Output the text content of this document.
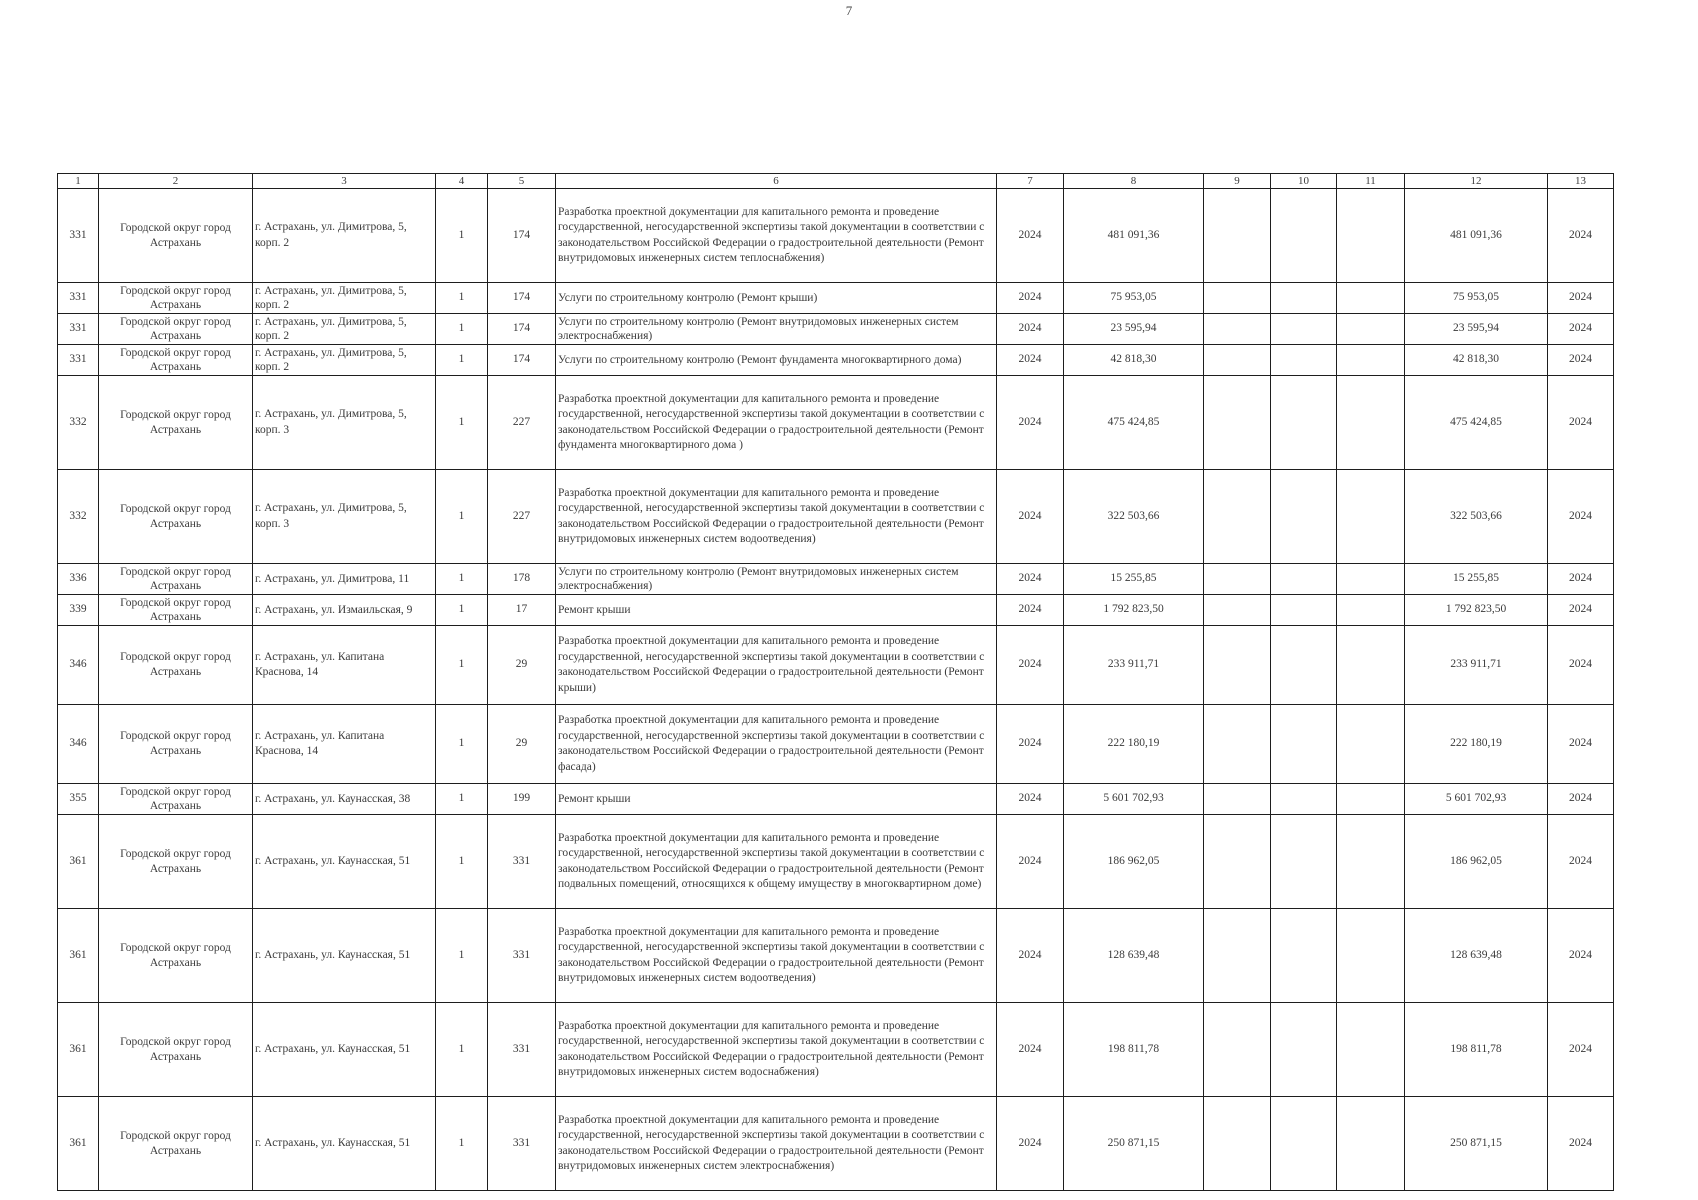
7
1	2	3	4	5	6	7	8	9	10	11	12	13
331	Городской округ город Астрахань	г. Астрахань, ул. Димитрова, 5, корп. 2	1	174	Разработка проектной документации для капитального ремонта и проведение государственной, негосударственной экспертизы такой документации в соответствии с законодательством Российской Федерации о градостроительной деятельности (Ремонт внутридомовых инженерных систем теплоснабжения)	2024	481 091,36				481 091,36	2024
331	Городской округ город Астрахань	г. Астрахань, ул. Димитрова, 5, корп. 2	1	174	Услуги по строительному контролю (Ремонт крыши)	2024	75 953,05				75 953,05	2024
331	Городской округ город Астрахань	г. Астрахань, ул. Димитрова, 5, корп. 2	1	174	Услуги по строительному контролю (Ремонт внутридомовых инженерных систем электроснабжения)	2024	23 595,94				23 595,94	2024
331	Городской округ город Астрахань	г. Астрахань, ул. Димитрова, 5, корп. 2	1	174	Услуги по строительному контролю (Ремонт фундамента многоквартирного дома)	2024	42 818,30				42 818,30	2024
332	Городской округ город Астрахань	г. Астрахань, ул. Димитрова, 5, корп. 3	1	227	Разработка проектной документации для капитального ремонта и проведение государственной, негосударственной экспертизы такой документации в соответствии с законодательством Российской Федерации о градостроительной деятельности (Ремонт фундамента многоквартирного дома )	2024	475 424,85				475 424,85	2024
332	Городской округ город Астрахань	г. Астрахань, ул. Димитрова, 5, корп. 3	1	227	Разработка проектной документации для капитального ремонта и проведение государственной, негосударственной экспертизы такой документации в соответствии с законодательством Российской Федерации о градостроительной деятельности (Ремонт внутридомовых инженерных систем водоотведения)	2024	322 503,66				322 503,66	2024
336	Городской округ город Астрахань	г. Астрахань, ул. Димитрова, 11	1	178	Услуги по строительному контролю (Ремонт внутридомовых инженерных систем электроснабжения)	2024	15 255,85				15 255,85	2024
339	Городской округ город Астрахань	г. Астрахань, ул. Измаильская, 9	1	17	Ремонт крыши	2024	1 792 823,50				1 792 823,50	2024
346	Городской округ город Астрахань	г. Астрахань, ул. Капитана Краснова, 14	1	29	Разработка проектной документации для капитального ремонта и проведение государственной, негосударственной экспертизы такой документации в соответствии с законодательством Российской Федерации о градостроительной деятельности (Ремонт крыши)	2024	233 911,71				233 911,71	2024
346	Городской округ город Астрахань	г. Астрахань, ул. Капитана Краснова, 14	1	29	Разработка проектной документации для капитального ремонта и проведение государственной, негосударственной экспертизы такой документации в соответствии с законодательством Российской Федерации о градостроительной деятельности (Ремонт фасада)	2024	222 180,19				222 180,19	2024
355	Городской округ город Астрахань	г. Астрахань, ул. Каунасская, 38	1	199	Ремонт крыши	2024	5 601 702,93				5 601 702,93	2024
361	Городской округ город Астрахань	г. Астрахань, ул. Каунасская, 51	1	331	Разработка проектной документации для капитального ремонта и проведение государственной, негосударственной экспертизы такой документации в соответствии с законодательством Российской Федерации о градостроительной деятельности (Ремонт подвальных помещений, относящихся к общему имуществу в многоквартирном доме)	2024	186 962,05				186 962,05	2024
361	Городской округ город Астрахань	г. Астрахань, ул. Каунасская, 51	1	331	Разработка проектной документации для капитального ремонта и проведение государственной, негосударственной экспертизы такой документации в соответствии с законодательством Российской Федерации о градостроительной деятельности (Ремонт внутридомовых инженерных систем водоотведения)	2024	128 639,48				128 639,48	2024
361	Городской округ город Астрахань	г. Астрахань, ул. Каунасская, 51	1	331	Разработка проектной документации для капитального ремонта и проведение государственной, негосударственной экспертизы такой документации в соответствии с законодательством Российской Федерации о градостроительной деятельности (Ремонт внутридомовых инженерных систем водоснабжения)	2024	198 811,78				198 811,78	2024
361	Городской округ город Астрахань	г. Астрахань, ул. Каунасская, 51	1	331	Разработка проектной документации для капитального ремонта и проведение государственной, негосударственной экспертизы такой документации в соответствии с законодательством Российской Федерации о градостроительной деятельности (Ремонт внутридомовых инженерных систем электроснабжения)	2024	250 871,15				250 871,15	2024
